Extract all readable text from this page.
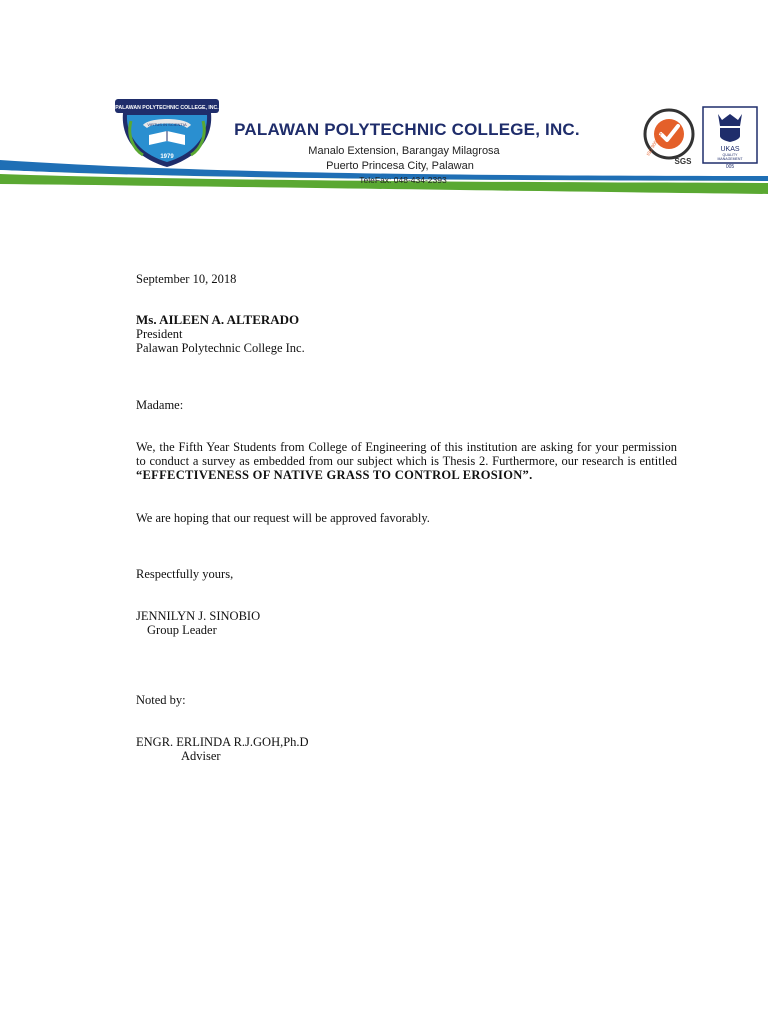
PALAWAN POLYTECHNIC COLLEGE, INC.
VIRTUS IN SCIENTIA
1979
PALAWAN POLYTECHNIC COLLEGE, INC.
Manalo Extension, Barangay Milagrosa
Puerto Princesa City, Palawan
TeleFax: 048-434-2393
ISO 9001:2008
SGS
UKAS
QUALITY
MANAGEMENT
005
September 10, 2018
Ms. AILEEN A. ALTERADO
President
Palawan Polytechnic College Inc.
Madame:
We, the Fifth Year Students from College of Engineering of this institution are asking for your permission to conduct a survey as embedded from our subject which is Thesis 2. Furthermore, our research is entitled “EFFECTIVENESS OF NATIVE GRASS TO CONTROL EROSION”.
We are hoping that our request will be approved favorably.
Respectfully yours,
JENNILYN J. SINOBIO
Group Leader
Noted by:
ENGR. ERLINDA R.J.GOH,Ph.D
Adviser
